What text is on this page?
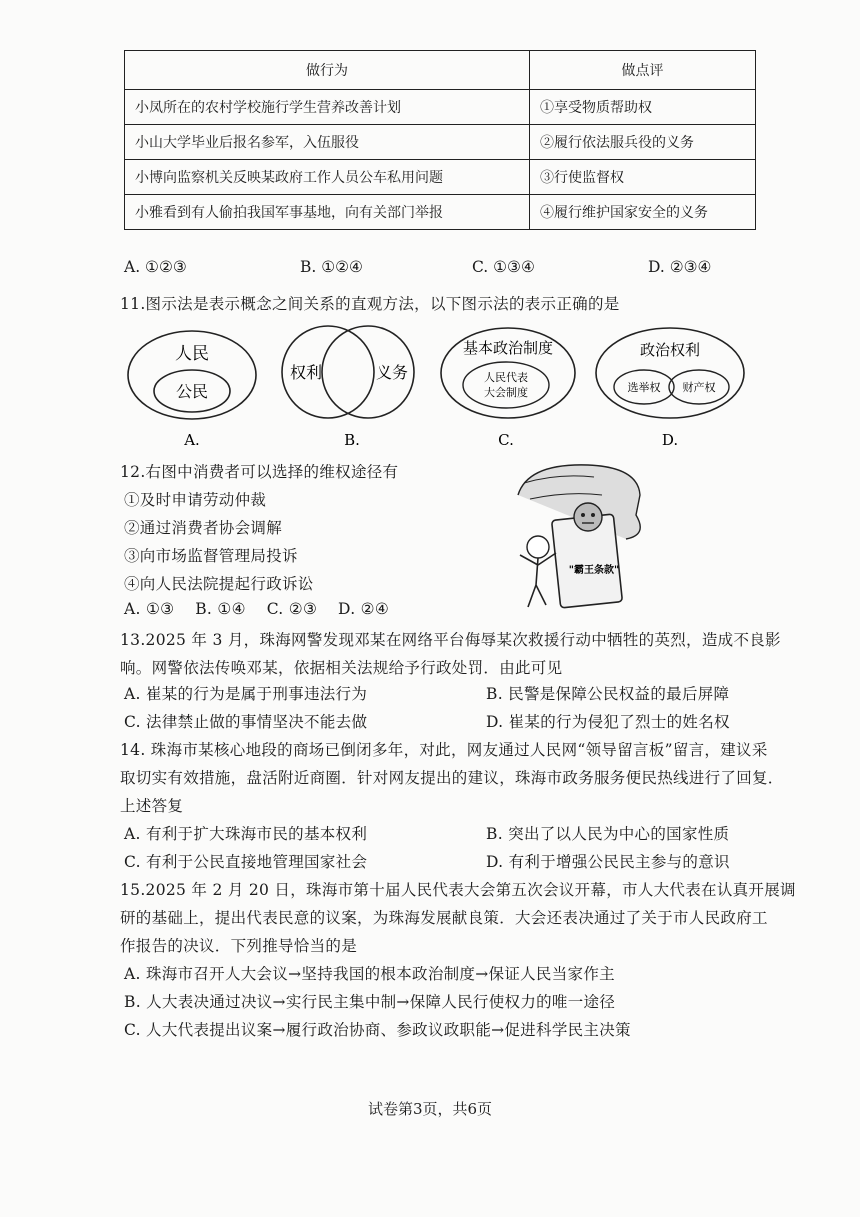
做行为	做点评
小凤所在的农村学校施行学生营养改善计划	①享受物质帮助权
小山大学毕业后报名参军，入伍服役	②履行依法服兵役的义务
小博向监察机关反映某政府工作人员公车私用问题	③行使监督权
小雅看到有人偷拍我国军事基地，向有关部门举报	④履行维护国家安全的义务
A. ①②③	B. ①②④	C. ①③④	D. ②③④
11.图示法是表示概念之间关系的直观方法，以下图示法的表示正确的是
人民
公民
A.
权利	义务
B.
基本政治制度
人民代表
大会制度
C.
政治权利
选举权 财产权
D.
12.右图中消费者可以选择的维权途径有
①及时申请劳动仲裁
②通过消费者协会调解
③向市场监督管理局投诉
④向人民法院提起行政诉讼
A. ①③    B. ①④    C. ②③    D. ②④
"霸王条款"
13.2025 年 3 月，珠海网警发现邓某在网络平台侮辱某次救援行动中牺牲的英烈，造成不良影
响。网警依法传唤邓某，依据相关法规给予行政处罚．由此可见
A. 崔某的行为是属于刑事违法行为	B. 民警是保障公民权益的最后屏障
C. 法律禁止做的事情坚决不能去做	D. 崔某的行为侵犯了烈士的姓名权
14. 珠海市某核心地段的商场已倒闭多年，对此，网友通过人民网“领导留言板”留言，建议采
取切实有效措施，盘活附近商圈．针对网友提出的建议，珠海市政务服务便民热线进行了回复．
上述答复
A. 有利于扩大珠海市民的基本权利	B. 突出了以人民为中心的国家性质
C. 有利于公民直接地管理国家社会	D. 有利于增强公民民主参与的意识
15.2025 年 2 月 20 日，珠海市第十届人民代表大会第五次会议开幕，市人大代表在认真开展调
研的基础上，提出代表民意的议案，为珠海发展献良策．大会还表决通过了关于市人民政府工
作报告的决议．下列推导恰当的是
A. 珠海市召开人大会议→坚持我国的根本政治制度→保证人民当家作主
B. 人大表决通过决议→实行民主集中制→保障人民行使权力的唯一途径
C. 人大代表提出议案→履行政治协商、参政议政职能→促进科学民主决策
试卷第3页，共6页
